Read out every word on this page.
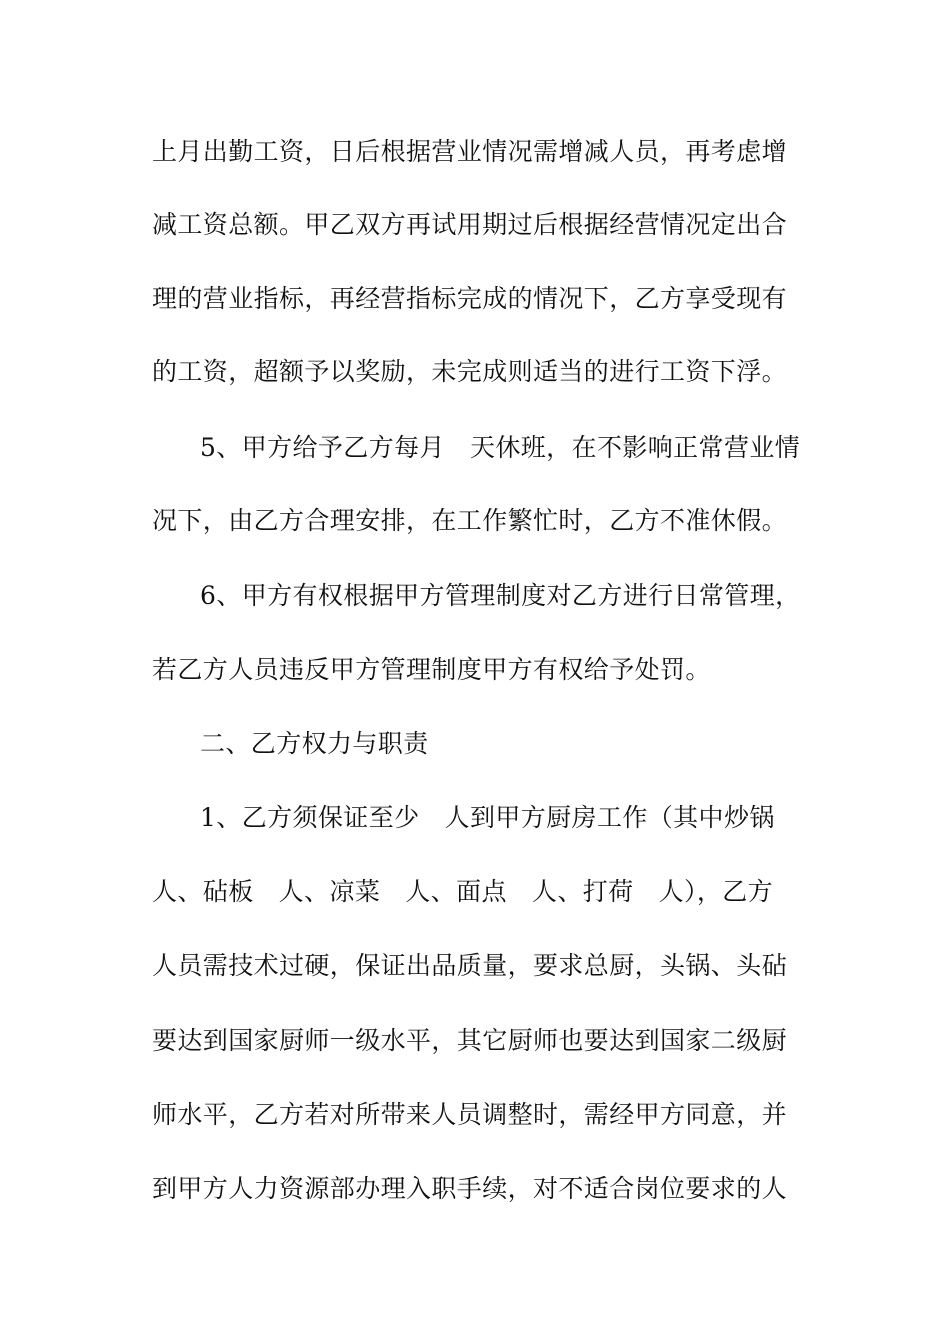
上月出勤工资，日后根据营业情况需增减人员，再考虑增
减工资总额。甲乙双方再试用期过后根据经营情况定出合
理的营业指标，再经营指标完成的情况下，乙方享受现有
的工资，超额予以奖励，未完成则适当的进行工资下浮。
5、甲方给予乙方每月   天休班，在不影响正常营业情
况下，由乙方合理安排，在工作繁忙时，乙方不准休假。
6、甲方有权根据甲方管理制度对乙方进行日常管理，
若乙方人员违反甲方管理制度甲方有权给予处罚。
二、乙方权力与职责
1、乙方须保证至少   人到甲方厨房工作（其中炒锅
人、砧板   人、凉菜   人、面点   人、打荷   人），乙方
人员需技术过硬，保证出品质量，要求总厨，头锅、头砧
要达到国家厨师一级水平，其它厨师也要达到国家二级厨
师水平，乙方若对所带来人员调整时，需经甲方同意，并
到甲方人力资源部办理入职手续，对不适合岗位要求的人
